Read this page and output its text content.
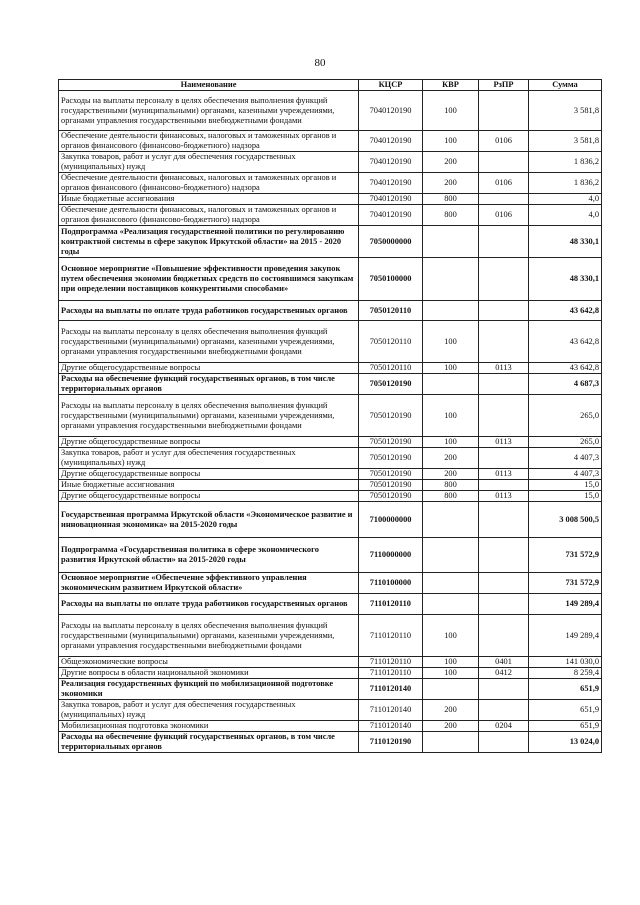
80
Наименование	КЦСР	КВР	РзПР	Сумма
Расходы на выплаты персоналу в целях обеспечения выполнения функций государственными (муниципальными) органами, казенными учреждениями, органами управления государственными внебюджетными фондами	7040120190	100		3 581,8
Обеспечение деятельности финансовых, налоговых и таможенных органов и органов финансового (финансово-бюджетного) надзора	7040120190	100	0106	3 581,8
Закупка товаров, работ и услуг для обеспечения государственных (муниципальных) нужд	7040120190	200		1 836,2
Обеспечение деятельности финансовых, налоговых и таможенных органов и органов финансового (финансово-бюджетного) надзора	7040120190	200	0106	1 836,2
Иные бюджетные ассигнования	7040120190	800		4,0
Обеспечение деятельности финансовых, налоговых и таможенных органов и органов финансового (финансово-бюджетного) надзора	7040120190	800	0106	4,0
Подпрограмма «Реализация государственной политики по регулированию контрактной системы в сфере закупок Иркутской области» на 2015 - 2020 годы	7050000000			48 330,1
Основное мероприятие «Повышение эффективности проведения закупок путем обеспечения экономии бюджетных средств по состоявшимся закупкам при определении поставщиков конкурентными способами»	7050100000			48 330,1
Расходы на выплаты по оплате труда работников государственных органов	7050120110			43 642,8
Расходы на выплаты персоналу в целях обеспечения выполнения функций государственными (муниципальными) органами, казенными учреждениями, органами управления государственными внебюджетными фондами	7050120110	100		43 642,8
Другие общегосударственные вопросы	7050120110	100	0113	43 642,8
Расходы на обеспечение функций государственных органов, в том числе территориальных органов	7050120190			4 687,3
Расходы на выплаты персоналу в целях обеспечения выполнения функций государственными (муниципальными) органами, казенными учреждениями, органами управления государственными внебюджетными фондами	7050120190	100		265,0
Другие общегосударственные вопросы	7050120190	100	0113	265,0
Закупка товаров, работ и услуг для обеспечения государственных (муниципальных) нужд	7050120190	200		4 407,3
Другие общегосударственные вопросы	7050120190	200	0113	4 407,3
Иные бюджетные ассигнования	7050120190	800		15,0
Другие общегосударственные вопросы	7050120190	800	0113	15,0
Государственная программа Иркутской области «Экономическое развитие и инновационная экономика» на 2015-2020 годы	7100000000			3 008 500,5
Подпрограмма «Государственная политика в сфере экономического развития Иркутской области» на 2015-2020 годы	7110000000			731 572,9
Основное мероприятие «Обеспечение эффективного управления экономическим развитием Иркутской области»	7110100000			731 572,9
Расходы на выплаты по оплате труда работников государственных органов	7110120110			149 289,4
Расходы на выплаты персоналу в целях обеспечения выполнения функций государственными (муниципальными) органами, казенными учреждениями, органами управления государственными внебюджетными фондами	7110120110	100		149 289,4
Общеэкономические вопросы	7110120110	100	0401	141 030,0
Другие вопросы в области национальной экономики	7110120110	100	0412	8 259,4
Реализация государственных функций по мобилизационной подготовке экономики	7110120140			651,9
Закупка товаров, работ и услуг для обеспечения государственных (муниципальных) нужд	7110120140	200		651,9
Мобилизационная подготовка экономики	7110120140	200	0204	651,9
Расходы на обеспечение функций государственных органов, в том числе территориальных органов	7110120190			13 024,0
